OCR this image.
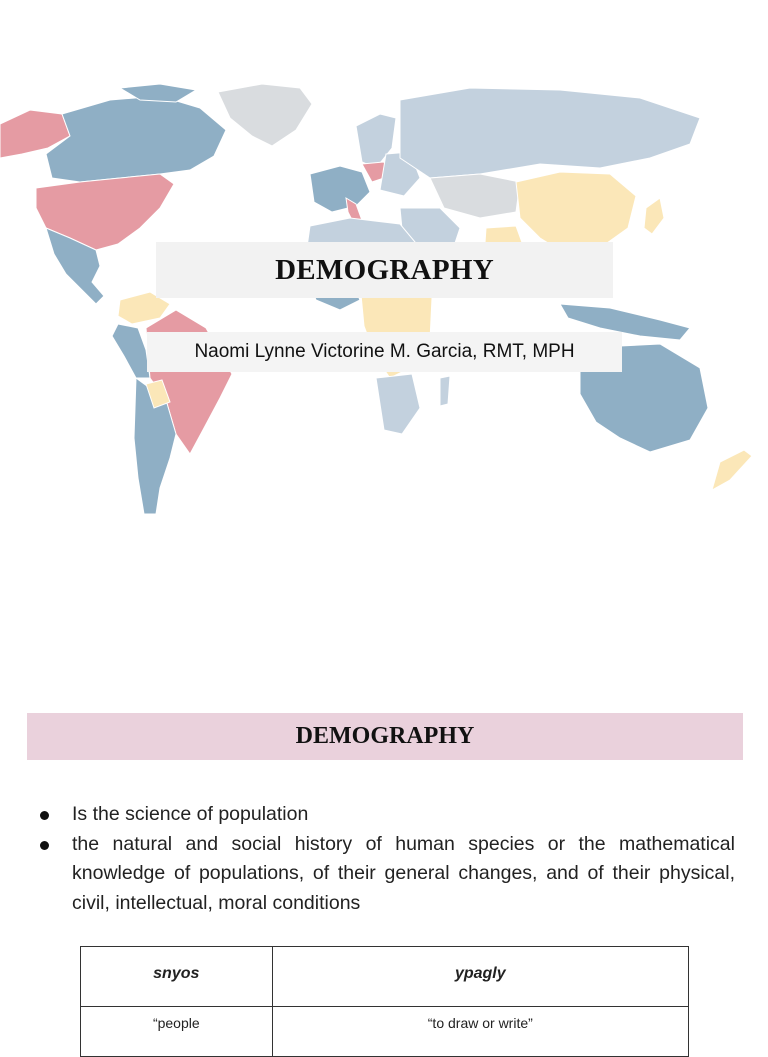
DEMOGRAPHY
Naomi Lynne Victorine M. Garcia, RMT, MPH
DEMOGRAPHY
Is the science of population
the natural and social history of human species or the mathematical knowledge of populations, of their general changes, and of their physical, civil, intellectual, moral conditions
snyos	ypagly
“people	“to draw or write”
